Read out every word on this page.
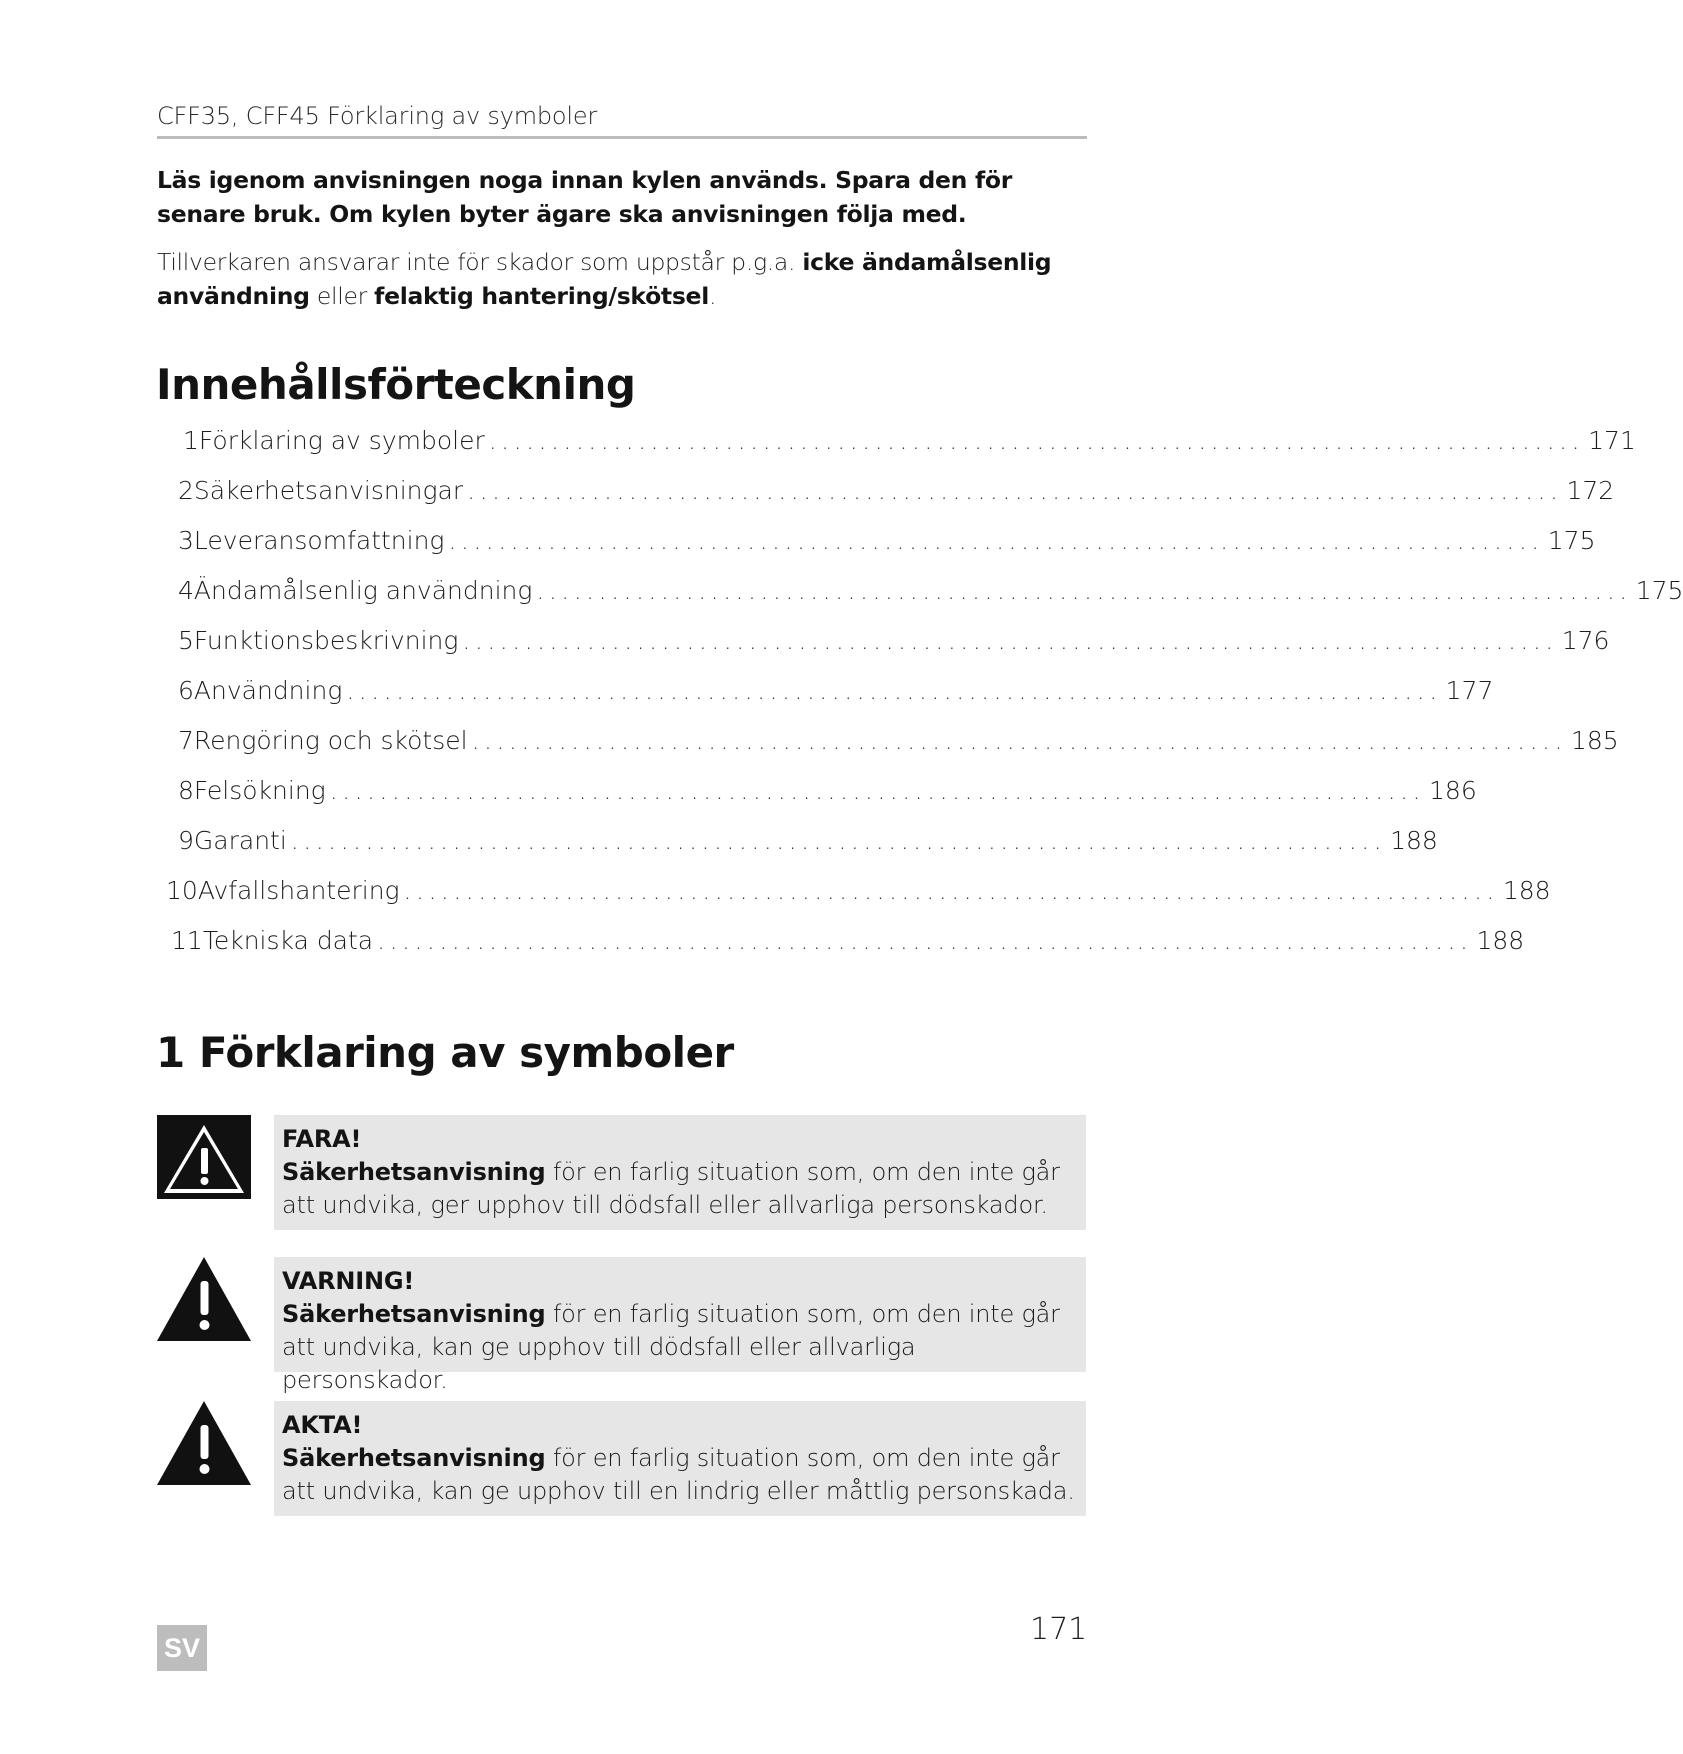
CFF35, CFF45 Förklaring av symboler
Läs igenom anvisningen noga innan kylen används. Spara den för senare bruk. Om kylen byter ägare ska anvisningen följa med.
Tillverkaren ansvarar inte för skador som uppstår p.g.a. icke ändamålsenlig användning eller felaktig hantering/skötsel.
Innehållsförteckning
1 Förklaring av symboler ........................................................................................ 171
2 Säkerhetsanvisningar ........................................................................................ 172
3 Leveransomfattning ........................................................................................ 175
4 Ändamålsenlig användning ........................................................................................ 175
5 Funktionsbeskrivning ........................................................................................ 176
6 Användning ........................................................................................ 177
7 Rengöring och skötsel ........................................................................................ 185
8 Felsökning ........................................................................................ 186
9 Garanti ........................................................................................ 188
10 Avfallshantering ........................................................................................ 188
11 Tekniska data ........................................................................................ 188
1 Förklaring av symboler
FARA!
Säkerhetsanvisning för en farlig situation som, om den inte går att undvika, ger upphov till dödsfall eller allvarliga personskador.
VARNING!
Säkerhetsanvisning för en farlig situation som, om den inte går att undvika, kan ge upphov till dödsfall eller allvarliga personskador.
AKTA!
Säkerhetsanvisning för en farlig situation som, om den inte går att undvika, kan ge upphov till en lindrig eller måttlig personskada.
SV
171
